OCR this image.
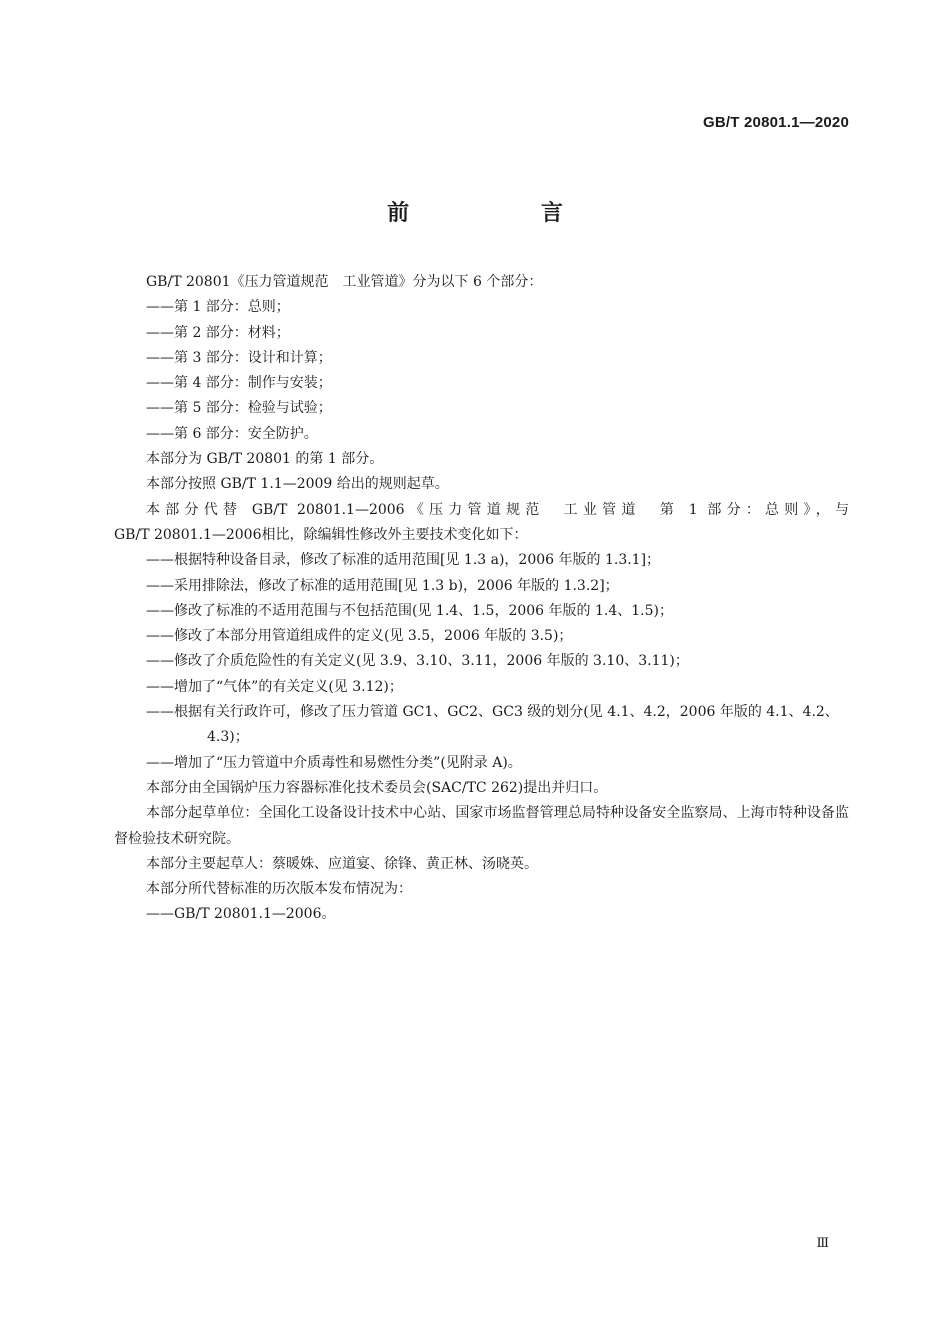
GB/T 20801.1—2020
前 言

GB/T 20801《压力管道规范　工业管道》分为以下 6 个部分：

——第 1 部分：总则；

——第 2 部分：材料；

——第 3 部分：设计和计算；

——第 4 部分：制作与安装；

——第 5 部分：检验与试验；

——第 6 部分：安全防护。

本部分为 GB/T 20801 的第 1 部分。

本部分按照 GB/T 1.1—2009 给出的规则起草。

本部分代替 GB/T 20801.1—2006《压力管道规范　工业管道　第 1 部分：总则》，与

GB/T 20801.1—2006相比，除编辑性修改外主要技术变化如下：

——根据特种设备目录，修改了标准的适用范围[见 1.3 a)，2006 年版的 1.3.1]；

——采用排除法，修改了标准的适用范围[见 1.3 b)，2006 年版的 1.3.2]；

——修改了标准的不适用范围与不包括范围(见 1.4、1.5，2006 年版的 1.4、1.5)；

——修改了本部分用管道组成件的定义(见 3.5，2006 年版的 3.5)；

——修改了介质危险性的有关定义(见 3.9、3.10、3.11，2006 年版的 3.10、3.11)；

——增加了“气体”的有关定义(见 3.12)；

——根据有关行政许可，修改了压力管道 GC1、GC2、GC3 级的划分(见 4.1、4.2，2006 年版的 4.1、4.2、4.3)；

——增加了“压力管道中介质毒性和易燃性分类”(见附录 A)。

本部分由全国锅炉压力容器标准化技术委员会(SAC/TC 262)提出并归口。

本部分起草单位：全国化工设备设计技术中心站、国家市场监督管理总局特种设备安全监察局、上海市特种设备监督检验技术研究院。

本部分主要起草人：蔡暖姝、应道宴、徐锋、黄正林、汤晓英。

本部分所代替标准的历次版本发布情况为：

——GB/T 20801.1—2006。

Ⅲ
